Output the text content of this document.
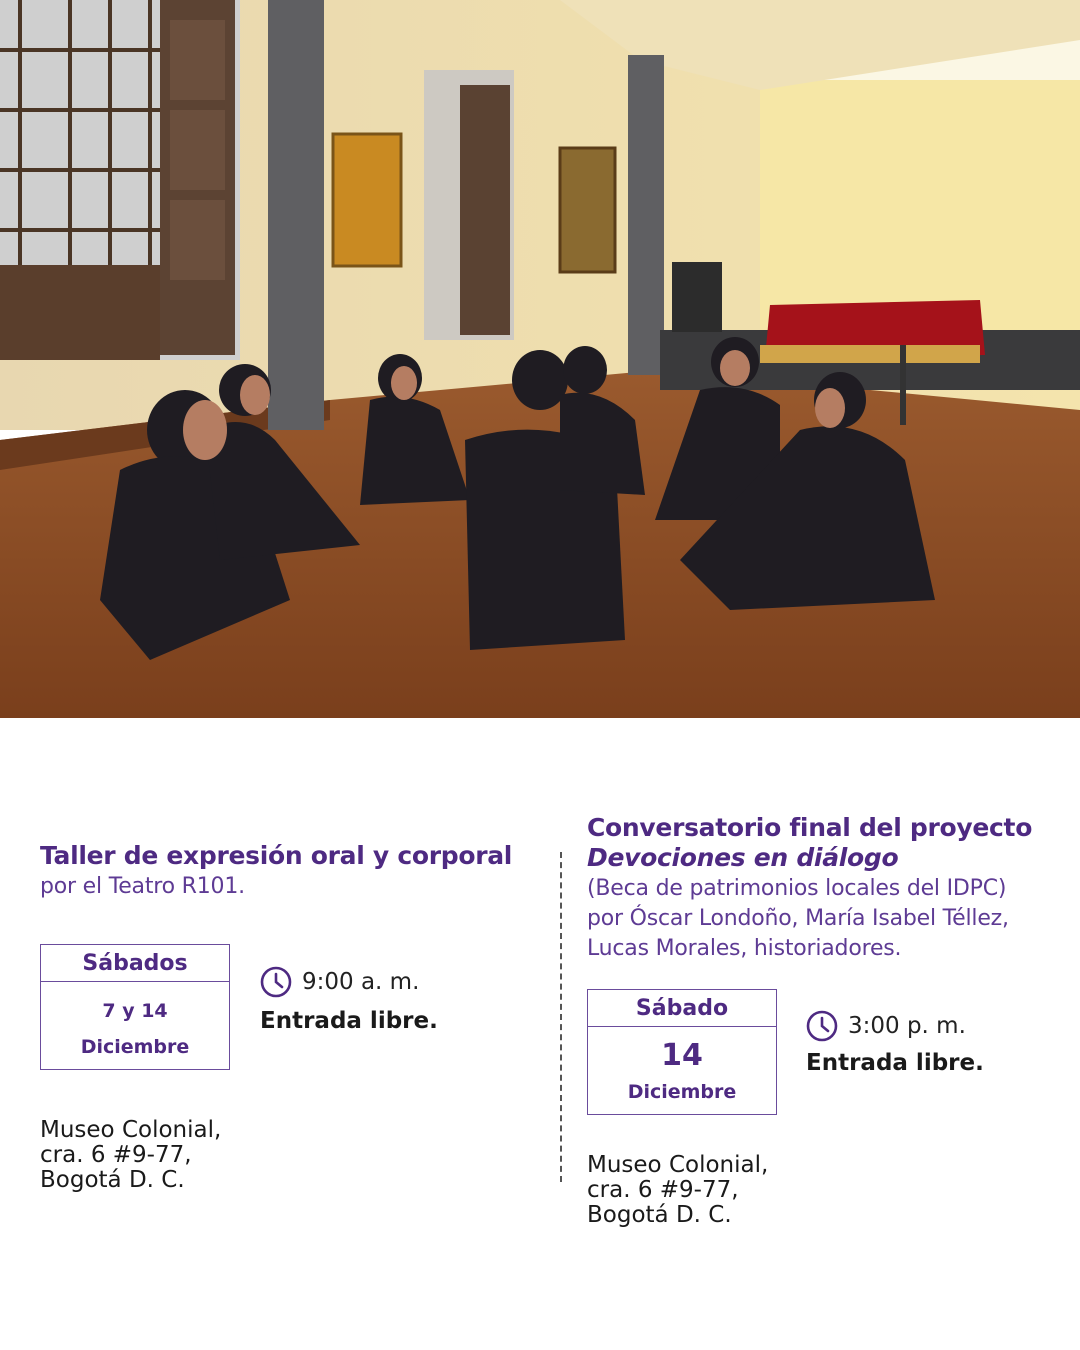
Taller de expresión oral y corporal
por el Teatro R101.
Sábados
7 y 14
Diciembre
9:00 a. m.
Entrada libre.
Museo Colonial,
cra. 6 #9-77,
Bogotá D. C.
Conversatorio final del proyecto
Devociones en diálogo
(Beca de patrimonios locales del IDPC)
por Óscar Londoño, María Isabel Téllez,
Lucas Morales, historiadores.
Sábado
14
Diciembre
3:00 p. m.
Entrada libre.
Museo Colonial,
cra. 6 #9-77,
Bogotá D. C.
